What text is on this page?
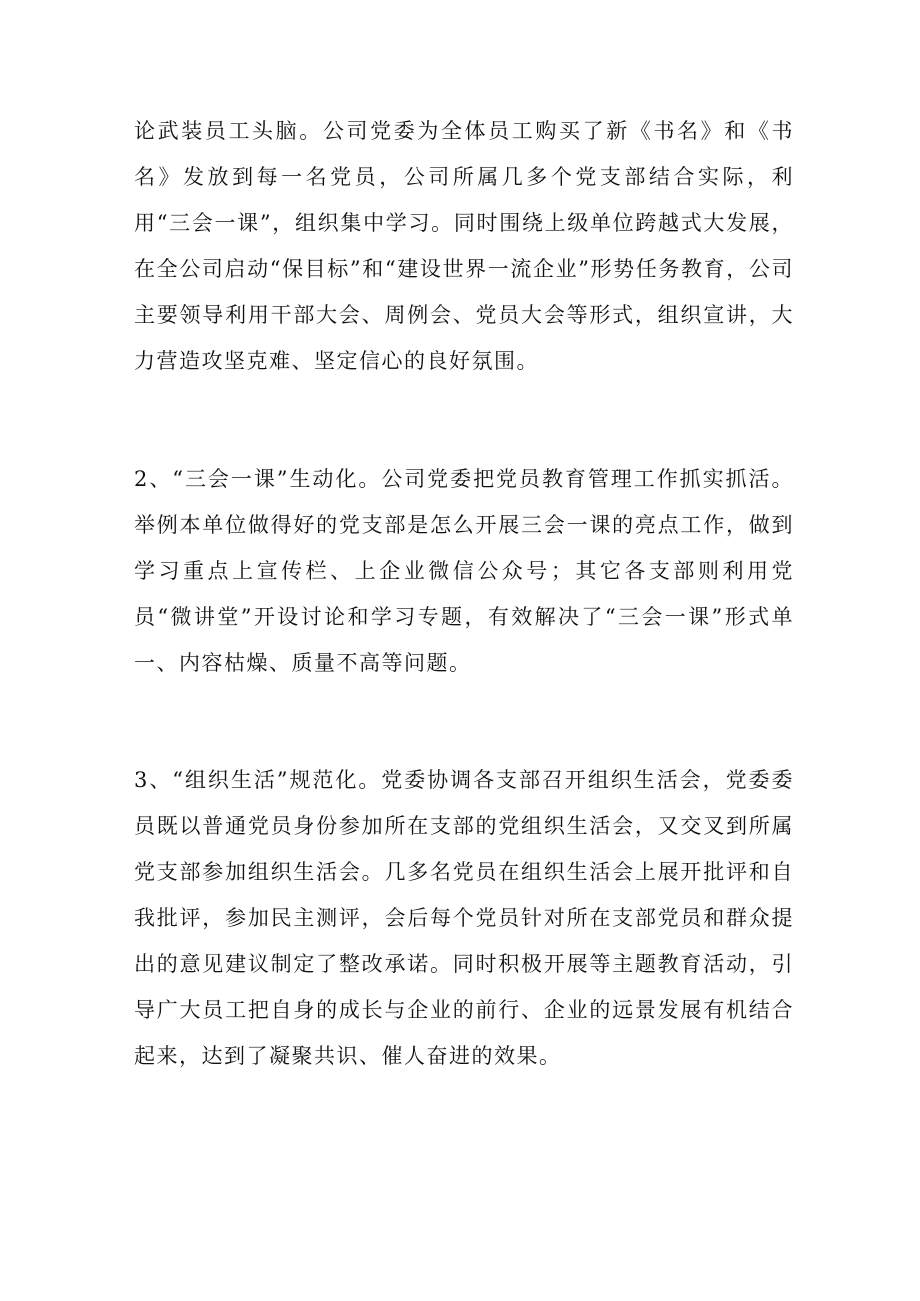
论武装员工头脑。公司党委为全体员工购买了新《书名》和《书名》发放到每一名党员，公司所属几多个党支部结合实际，利用“三会一课”，组织集中学习。同时围绕上级单位跨越式大发展，在全公司启动“保目标”和“建设世界一流企业”形势任务教育，公司主要领导利用干部大会、周例会、党员大会等形式，组织宣讲，大力营造攻坚克难、坚定信心的良好氛围。

2、“三会一课”生动化。公司党委把党员教育管理工作抓实抓活。举例本单位做得好的党支部是怎么开展三会一课的亮点工作，做到学习重点上宣传栏、上企业微信公众号；其它各支部则利用党员“微讲堂”开设讨论和学习专题，有效解决了“三会一课”形式单一、内容枯燥、质量不高等问题。

3、“组织生活”规范化。党委协调各支部召开组织生活会，党委委员既以普通党员身份参加所在支部的党组织生活会，又交叉到所属党支部参加组织生活会。几多名党员在组织生活会上展开批评和自我批评，参加民主测评，会后每个党员针对所在支部党员和群众提出的意见建议制定了整改承诺。同时积极开展等主题教育活动，引导广大员工把自身的成长与企业的前行、企业的远景发展有机结合起来，达到了凝聚共识、催人奋进的效果。
